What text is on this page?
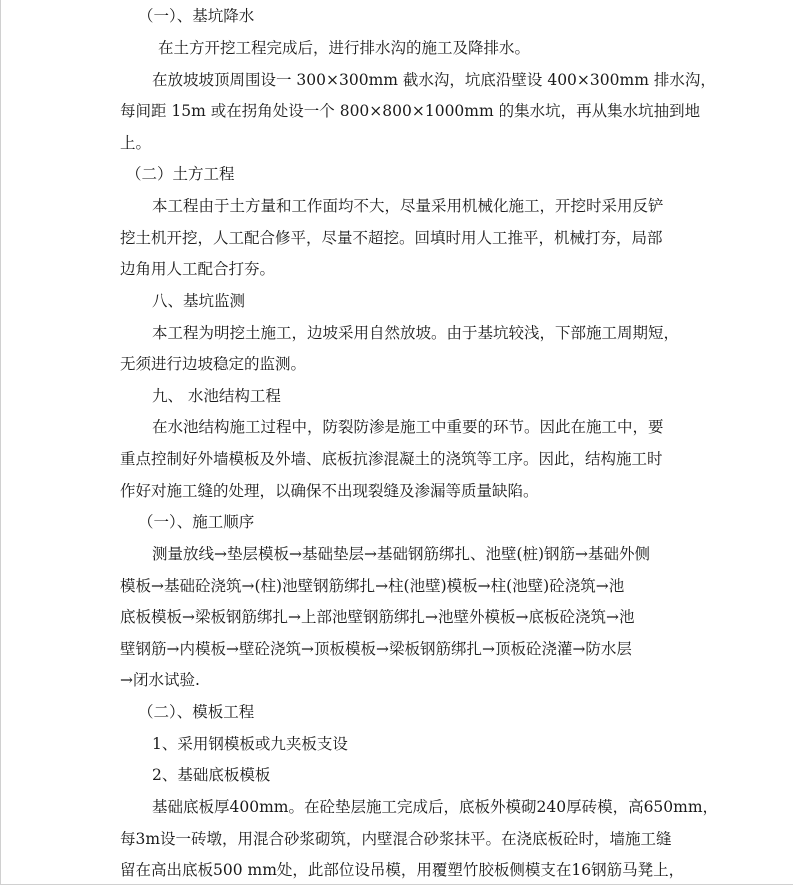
（一）、基坑降水
在土方开挖工程完成后，进行排水沟的施工及降排水。
在放坡坡顶周围设一 300×300mm 截水沟，坑底沿壁设 400×300mm 排水沟，
每间距 15m 或在拐角处设一个 800×800×1000mm 的集水坑，再从集水坑抽到地
上。
（二）土方工程
本工程由于土方量和工作面均不大，尽量采用机械化施工，开挖时采用反铲
挖土机开挖，人工配合修平，尽量不超挖。回填时用人工推平，机械打夯，局部
边角用人工配合打夯。
八、基坑监测
本工程为明挖土施工，边坡采用自然放坡。由于基坑较浅，下部施工周期短，
无须进行边坡稳定的监测。
九、 水池结构工程
在水池结构施工过程中，防裂防渗是施工中重要的环节。因此在施工中，要
重点控制好外墙模板及外墙、底板抗渗混凝土的浇筑等工序。因此，结构施工时
作好对施工缝的处理，以确保不出现裂缝及渗漏等质量缺陷。
（一）、施工顺序
测量放线→垫层模板→基础垫层→基础钢筋绑扎、池壁(桩)钢筋→基础外侧
模板→基础砼浇筑→(柱)池壁钢筋绑扎→柱(池壁)模板→柱(池壁)砼浇筑→池
底板模板→梁板钢筋绑扎→上部池壁钢筋绑扎→池壁外模板→底板砼浇筑→池
壁钢筋→内模板→壁砼浇筑→顶板模板→梁板钢筋绑扎→顶板砼浇灌→防水层
→闭水试验.
（二）、模板工程
1、采用钢模板或九夹板支设
2、基础底板模板
基础底板厚400mm。在砼垫层施工完成后，底板外模砌240厚砖模，高650mm，
每3m设一砖墩，用混合砂浆砌筑，内壁混合砂浆抹平。在浇底板砼时，墙施工缝
留在高出底板500 mm处，此部位设吊模，用覆塑竹胶板侧模支在16钢筋马凳上，
